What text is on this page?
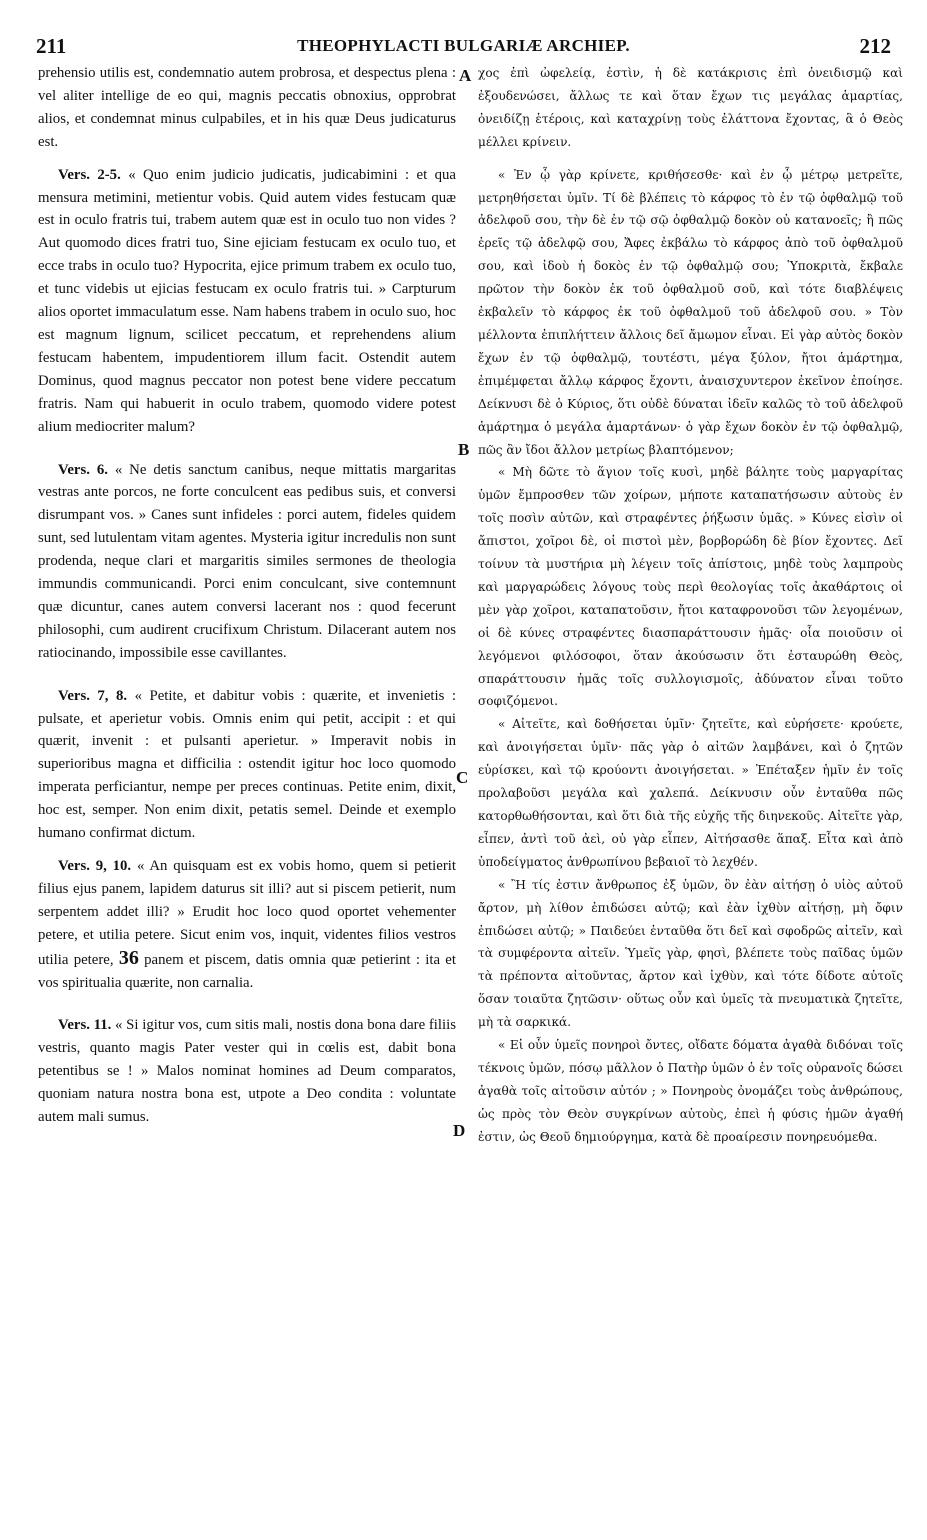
211	THEOPHYLACTI BULGARIÆ ARCHIEP.	212

prehensio utilis est, condemnatio autem probrosa, et despectus plena : vel aliter intellige de eo qui, magnis peccatis obnoxius, opprobrat alios, et condemnat minus culpabiles, et in his quæ Deus judicaturus est.

Vers. 2-5. « Quo enim judicio judicatis, judicabimini : et qua mensura metimini, metientur vobis. Quid autem vides festucam quæ est in oculo fratris tui, trabem autem quæ est in oculo tuo non vides ? Aut quomodo dices fratri tuo, Sine ejiciam festucam ex oculo tuo, et ecce trabs in oculo tuo? Hypocrita, ejice primum trabem ex oculo tuo, et tunc videbis ut ejicias festucam ex oculo fratris tui. » Carpturum alios oportet immaculatum esse. Nam habens trabem in oculo suo, hoc est magnum lignum, scilicet peccatum, et reprehendens alium festucam habentem, impudentiorem illum facit. Ostendit autem Dominus, quod magnus peccator non potest bene videre peccatum fratris. Nam qui habuerit in oculo trabem, quomodo videre potest alium mediocriter malum?

Vers. 6. « Ne detis sanctum canibus, neque mittatis margaritas vestras ante porcos, ne forte conculcent eas pedibus suis, et conversi disrumpant vos. » Canes sunt infideles : porci autem, fideles quidem sunt, sed lutulentam vitam agentes. Mysteria igitur incredulis non sunt prodenda, neque clari et margaritis similes sermones de theologia immundis communicandi. Porci enim conculcant, sive contemnunt quæ dicuntur, canes autem conversi lacerant nos : quod fecerunt philosophi, cum audirent crucifixum Christum. Dilacerant autem nos ratiocinando, impossibile esse cavillantes.

Vers. 7, 8. « Petite, et dabitur vobis : quærite, et invenietis : pulsate, et aperietur vobis. Omnis enim qui petit, accipit : et qui quærit, invenit : et pulsanti aperietur. » Imperavit nobis in superioribus magna et difficilia : ostendit igitur hoc loco quomodo imperata perficiantur, nempe per preces continuas. Petite enim, dixit, hoc est, semper. Non enim dixit, petatis semel. Deinde et exemplo humano confirmat dictum.

Vers. 9, 10. « An quisquam est ex vobis homo, quem si petierit filius ejus panem, lapidem daturus sit illi? aut si piscem petierit, num serpentem addet illi? » Erudit hoc loco quod oportet vehementer petere, et utilia petere. Sicut enim vos, inquit, videntes filios vestros utilia petere, 36 panem et piscem, datis omnia quæ petierint : ita et vos spiritualia quærite, non carnalia.

Vers. 11. « Si igitur vos, cum sitis mali, nostis dona bona dare filiis vestris, quanto magis Pater vester qui in cœlis est, dabit bona petentibus se ! » Malos nominat homines ad Deum comparatos, quoniam natura nostra bona est, utpote a Deo condita : voluntate autem mali sumus.

A
B
C
D

χος ἐπὶ ὠφελείᾳ, ἐστὶν, ἡ δὲ κατάκρισις ἐπὶ ὀνειδισμῷ καὶ ἐξουδενώσει, ἄλλως τε καὶ ὅταν ἔχων τις μεγάλας ἁμαρτίας, ὀνειδίζῃ ἑτέροις, καὶ καταχρίνῃ τοὺς ἐλάττονα ἔχοντας, ἃ ὁ Θεὸς μέλλει κρίνειν.

« Ἐν ᾧ γὰρ κρίνετε, κριθήσεσθε· καὶ ἐν ᾧ μέτρῳ μετρεῖτε, μετρηθήσεται ὑμῖν. Τί δὲ βλέπεις τὸ κάρφος τὸ ἐν τῷ ὀφθαλμῷ τοῦ ἀδελφοῦ σου, τὴν δὲ ἐν τῷ σῷ ὀφθαλμῷ δοκὸν οὐ κατανοεῖς; ἢ πῶς ἐρεῖς τῷ ἀδελφῷ σου, Ἄφες ἐκβάλω τὸ κάρφος ἀπὸ τοῦ ὀφθαλμοῦ σου, καὶ ἰδοὺ ἡ δοκὸς ἐν τῷ ὀφθαλμῷ σου; Ὑποκριτὰ, ἔκβαλε πρῶτον τὴν δοκὸν ἐκ τοῦ ὀφθαλμοῦ σοῦ, καὶ τότε διαβλέψεις ἐκβαλεῖν τὸ κάρφος ἐκ τοῦ ὀφθαλμοῦ τοῦ ἀδελφοῦ σου. » Τὸν μέλλοντα ἐπιπλήττειν ἄλλοις δεῖ ἄμωμον εἶναι. Εἰ γὰρ αὐτὸς δοκὸν ἔχων ἐν τῷ ὀφθαλμῷ, τουτέστι, μέγα ξύλον, ἤτοι ἁμάρτημα, ἐπιμέμφεται ἄλλῳ κάρφος ἔχοντι, ἀναισχυντερον ἐκεῖνον ἐποίησε. Δείκνυσι δὲ ὁ Κύριος, ὅτι οὐδὲ δύναται ἰδεῖν καλῶς τὸ τοῦ ἀδελφοῦ ἁμάρτημα ὁ μεγάλα ἁμαρτάνων· ὁ γὰρ ἔχων δοκὸν ἐν τῷ ὀφθαλμῷ, πῶς ἂν ἴδοι ἄλλον μετρίως βλαπτόμενον;

« Μὴ δῶτε τὸ ἅγιον τοῖς κυσὶ, μηδὲ βάλητε τοὺς μαργαρίτας ὑμῶν ἔμπροσθεν τῶν χοίρων, μήποτε καταπατήσωσιν αὐτοὺς ἐν τοῖς ποσὶν αὐτῶν, καὶ στραφέντες ῥήξωσιν ὑμᾶς. » Κύνες εἰσὶν οἱ ἄπιστοι, χοῖροι δὲ, οἱ πιστοὶ μὲν, βορβορώδη δὲ βίον ἔχοντες. Δεῖ τοίνυν τὰ μυστήρια μὴ λέγειν τοῖς ἀπίστοις, μηδὲ τοὺς λαμπροὺς καὶ μαργαρώδεις λόγους τοὺς περὶ θεολογίας τοῖς ἀκαθάρτοις οἱ μὲν γὰρ χοῖροι, καταπατοῦσιν, ἤτοι καταφρονοῦσι τῶν λεγομένων, οἱ δὲ κύνες στραφέντες διασπαράττουσιν ἡμᾶς· οἷα ποιοῦσιν οἱ λεγόμενοι φιλόσοφοι, ὅταν ἀκούσωσιν ὅτι ἐσταυρώθη Θεὸς, σπαράττουσιν ἡμᾶς τοῖς συλλογισμοῖς, ἀδύνατον εἶναι τοῦτο σοφιζόμενοι.

« Αἰτεῖτε, καὶ δοθήσεται ὑμῖν· ζητεῖτε, καὶ εὑρήσετε· κρούετε, καὶ ἀνοιγήσεται ὑμῖν· πᾶς γὰρ ὁ αἰτῶν λαμβάνει, καὶ ὁ ζητῶν εὑρίσκει, καὶ τῷ κρούοντι ἀνοιγήσεται. » Ἐπέταξεν ἡμῖν ἐν τοῖς προλαβοῦσι μεγάλα καὶ χαλεπά. Δείκνυσιν οὖν ἐνταῦθα πῶς κατορθωθήσονται, καὶ ὅτι διὰ τῆς εὐχῆς τῆς διηνεκοῦς. Αἰτεῖτε γὰρ, εἶπεν, ἀντὶ τοῦ ἀεὶ, οὐ γὰρ εἶπεν, Αἰτήσασθε ἅπαξ. Εἶτα καὶ ἀπὸ ὑποδείγματος ἀνθρωπίνου βεβαιοῖ τὸ λεχθέν.

« Ἢ τίς ἐστιν ἄνθρωπος ἐξ ὑμῶν, ὃν ἐὰν αἰτήσῃ ὁ υἱὸς αὐτοῦ ἄρτον, μὴ λίθον ἐπιδώσει αὐτῷ; καὶ ἐὰν ἰχθὺν αἰτήσῃ, μὴ ὄφιν ἐπιδώσει αὐτῷ; » Παιδεύει ἐνταῦθα ὅτι δεῖ καὶ σφοδρῶς αἰτεῖν, καὶ τὰ συμφέροντα αἰτεῖν. Ὑμεῖς γὰρ, φησὶ, βλέπετε τοὺς παῖδας ὑμῶν τὰ πρέποντα αἰτοῦντας, ἄρτον καὶ ἰχθὺν, καὶ τότε δίδοτε αὐτοῖς ὅσαν τοιαῦτα ζητῶσιν· οὕτως οὖν καὶ ὑμεῖς τὰ πνευματικὰ ζητεῖτε, μὴ τὰ σαρκικά.

« Εἰ οὖν ὑμεῖς πονηροὶ ὄντες, οἴδατε δόματα ἀγαθὰ διδόναι τοῖς τέκνοις ὑμῶν, πόσῳ μᾶλλον ὁ Πατὴρ ὑμῶν ὁ ἐν τοῖς οὐρανοῖς δώσει ἀγαθὰ τοῖς αἰτοῦσιν αὐτόν ; » Πονηροὺς ὀνομάζει τοὺς ἀνθρώπους, ὡς πρὸς τὸν Θεὸν συγκρίνων αὐτοὺς, ἐπεὶ ἡ φύσις ἡμῶν ἀγαθή ἐστιν, ὡς Θεοῦ δημιούργημα, κατὰ δὲ προαίρεσιν πονηρευόμεθα.
